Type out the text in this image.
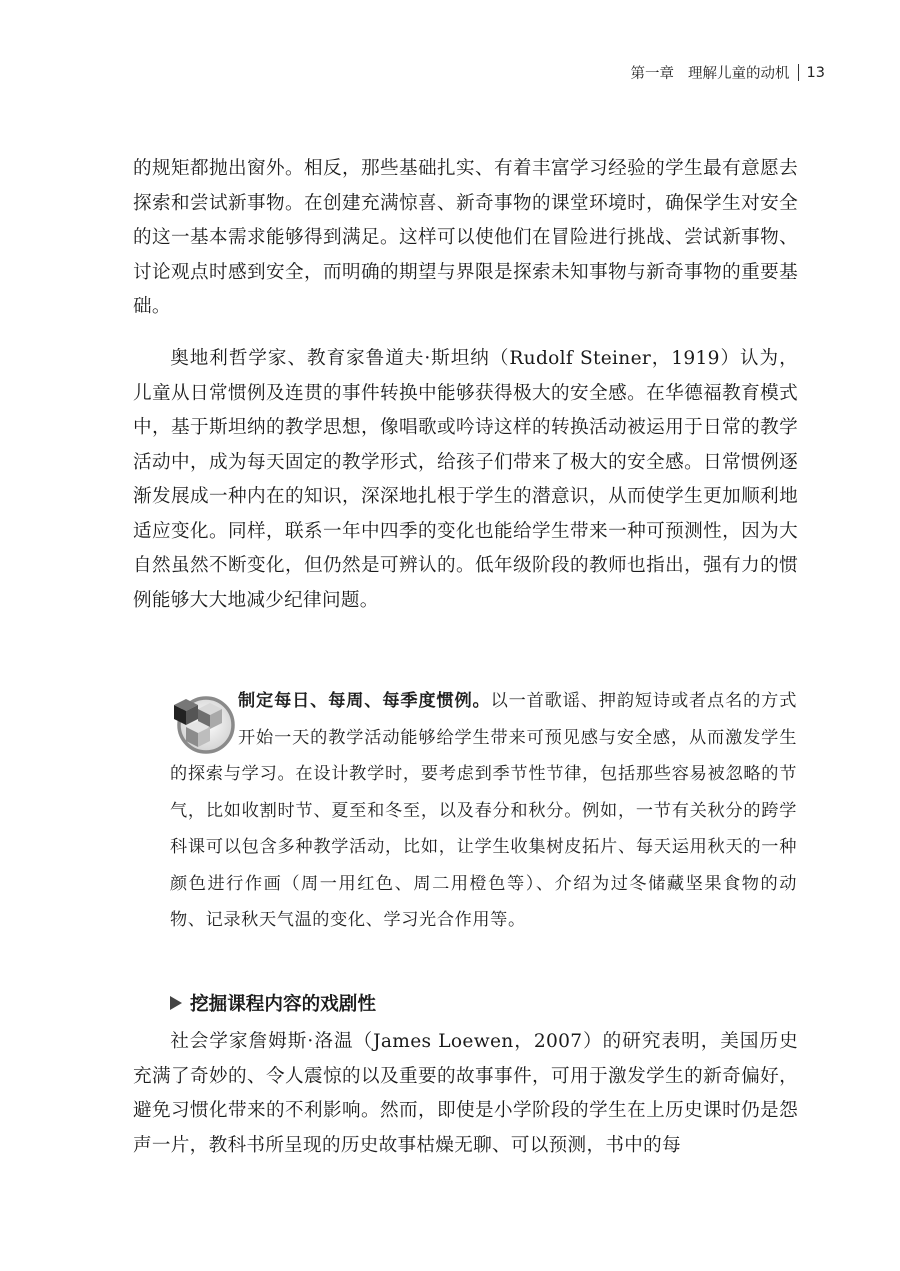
第一章 理解儿童的动机 13

的规矩都抛出窗外。相反，那些基础扎实、有着丰富学习经验的学生最有意愿去探索和尝试新事物。在创建充满惊喜、新奇事物的课堂环境时，确保学生对安全的这一基本需求能够得到满足。这样可以使他们在冒险进行挑战、尝试新事物、讨论观点时感到安全，而明确的期望与界限是探索未知事物与新奇事物的重要基础。

奥地利哲学家、教育家鲁道夫·斯坦纳（Rudolf Steiner，1919）认为，儿童从日常惯例及连贯的事件转换中能够获得极大的安全感。在华德福教育模式中，基于斯坦纳的教学思想，像唱歌或吟诗这样的转换活动被运用于日常的教学活动中，成为每天固定的教学形式，给孩子们带来了极大的安全感。日常惯例逐渐发展成一种内在的知识，深深地扎根于学生的潜意识，从而使学生更加顺利地适应变化。同样，联系一年中四季的变化也能给学生带来一种可预测性，因为大自然虽然不断变化，但仍然是可辨认的。低年级阶段的教师也指出，强有力的惯例能够大大地减少纪律问题。

制定每日、每周、每季度惯例。以一首歌谣、押韵短诗或者点名的方式开始一天的教学活动能够给学生带来可预见感与安全感，从而激发学生的探索与学习。在设计教学时，要考虑到季节性节律，包括那些容易被忽略的节气，比如收割时节、夏至和冬至，以及春分和秋分。例如，一节有关秋分的跨学科课可以包含多种教学活动，比如，让学生收集树皮拓片、每天运用秋天的一种颜色进行作画（周一用红色、周二用橙色等）、介绍为过冬储藏坚果食物的动物、记录秋天气温的变化、学习光合作用等。
挖掘课程内容的戏剧性

社会学家詹姆斯·洛温（James Loewen，2007）的研究表明，美国历史充满了奇妙的、令人震惊的以及重要的故事事件，可用于激发学生的新奇偏好，避免习惯化带来的不利影响。然而，即使是小学阶段的学生在上历史课时仍是怨声一片，教科书所呈现的历史故事枯燥无聊、可以预测，书中的每
